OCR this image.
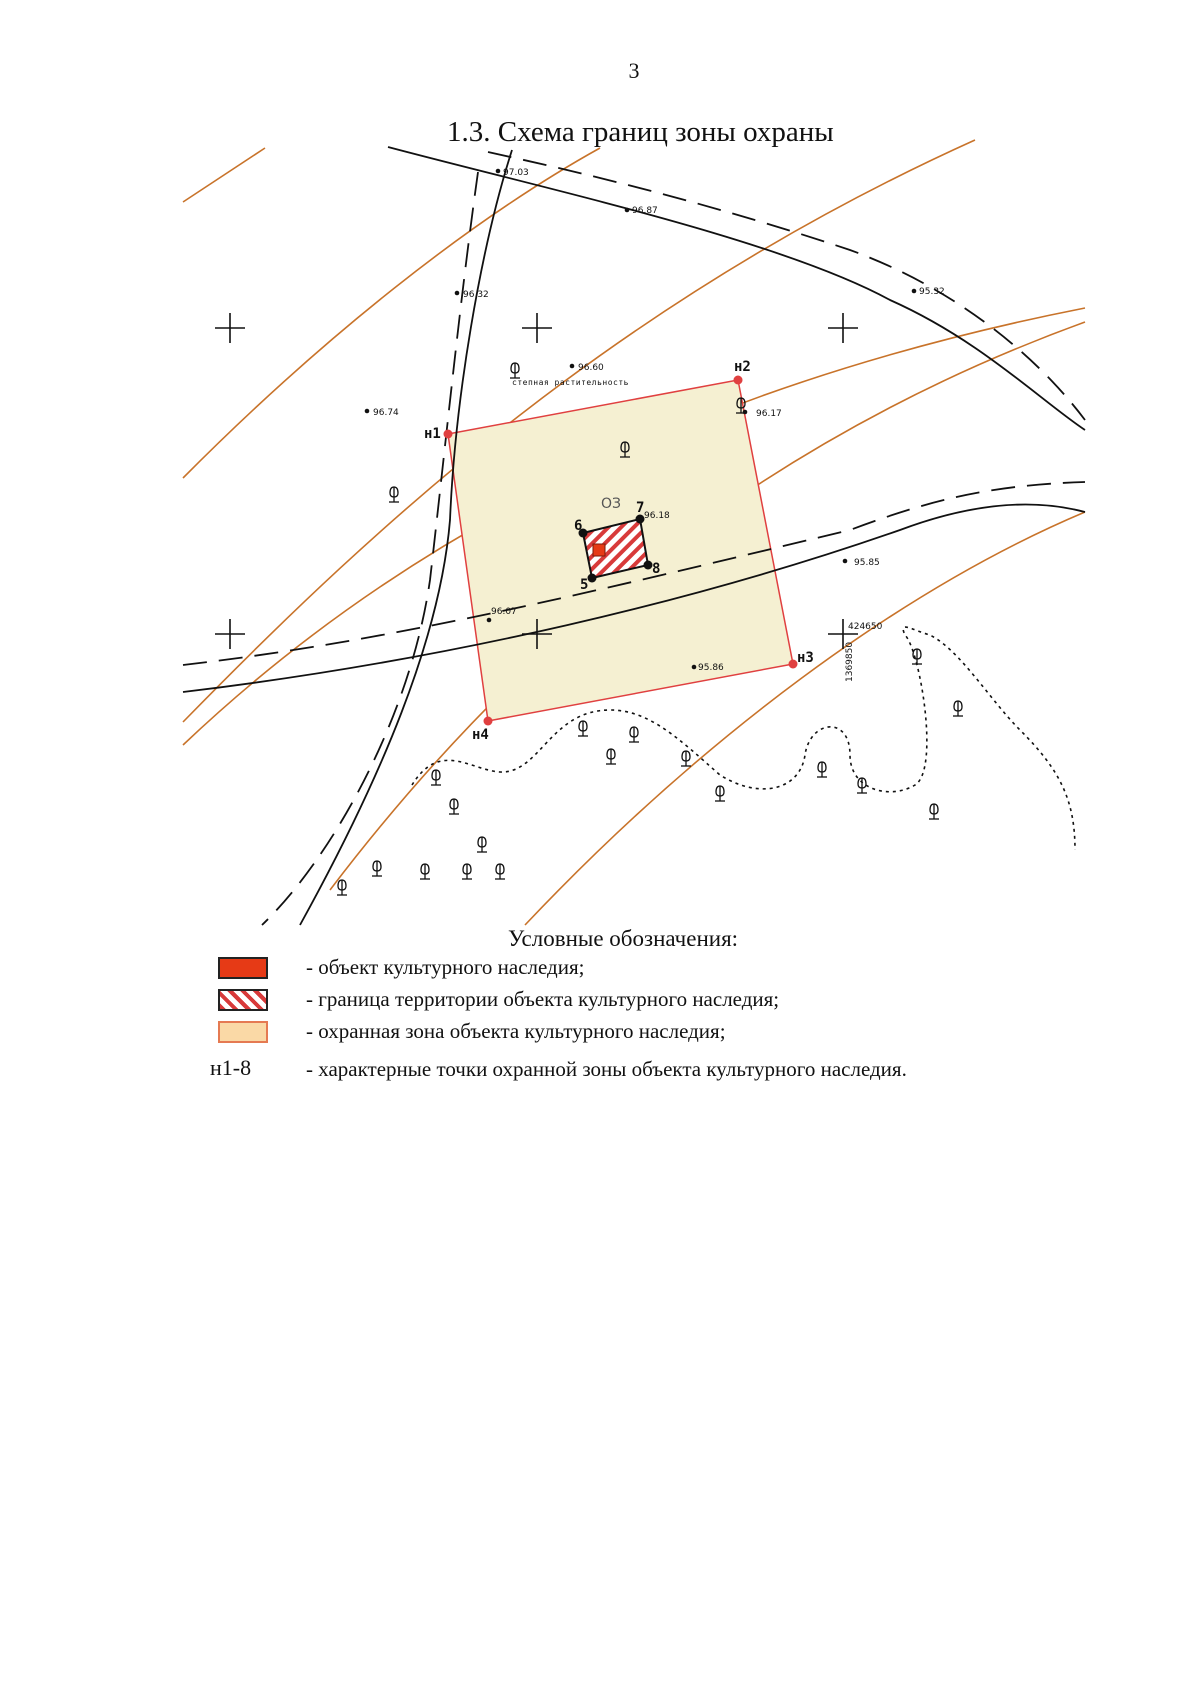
3
1.3. Схема границ зоны охраны
97.03
96.87
96.32	95.32
96.60
96.17
96.74
96.18
95.85
96.07
95.86
степная растительность
ОЗ
424650
1369850
н1
н2
н3
н4
5
6
7
8
Условные обозначения:
- объект культурного наследия;
- граница территории объекта культурного наследия;
- охранная зона объекта культурного наследия;
н1-8	- характерные точки охранной зоны объекта культурного наследия.
